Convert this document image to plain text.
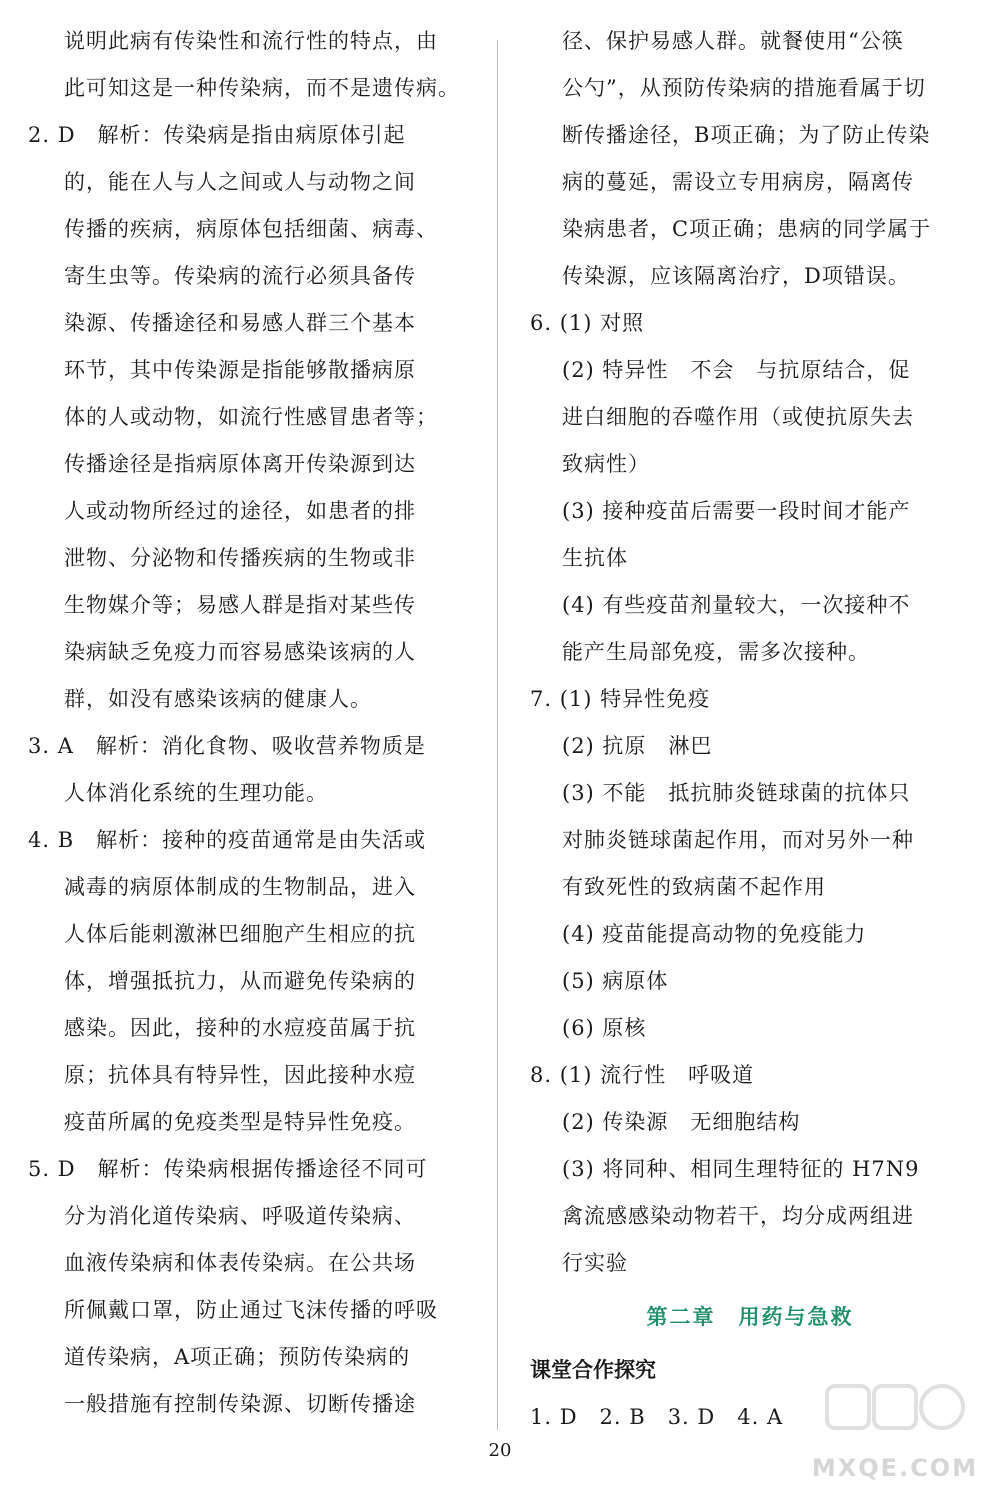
说明此病有传染性和流行性的特点，由
此可知这是一种传染病，而不是遗传病。
2. D　解析：传染病是指由病原体引起
的，能在人与人之间或人与动物之间
传播的疾病，病原体包括细菌、病毒、
寄生虫等。传染病的流行必须具备传
染源、传播途径和易感人群三个基本
环节，其中传染源是指能够散播病原
体的人或动物，如流行性感冒患者等；
传播途径是指病原体离开传染源到达
人或动物所经过的途径，如患者的排
泄物、分泌物和传播疾病的生物或非
生物媒介等；易感人群是指对某些传
染病缺乏免疫力而容易感染该病的人
群，如没有感染该病的健康人。
3. A　解析：消化食物、吸收营养物质是
人体消化系统的生理功能。
4. B　解析：接种的疫苗通常是由失活或
减毒的病原体制成的生物制品，进入
人体后能刺激淋巴细胞产生相应的抗
体，增强抵抗力，从而避免传染病的
感染。因此，接种的水痘疫苗属于抗
原；抗体具有特异性，因此接种水痘
疫苗所属的免疫类型是特异性免疫。
5. D　解析：传染病根据传播途径不同可
分为消化道传染病、呼吸道传染病、
血液传染病和体表传染病。在公共场
所佩戴口罩，防止通过飞沫传播的呼吸
道传染病，A项正确；预防传染病的
一般措施有控制传染源、切断传播途
径、保护易感人群。就餐使用“公筷
公勺”，从预防传染病的措施看属于切
断传播途径，B项正确；为了防止传染
病的蔓延，需设立专用病房，隔离传
染病患者，C项正确；患病的同学属于
传染源，应该隔离治疗，D项错误。
6. (1) 对照
(2) 特异性　不会　与抗原结合，促
进白细胞的吞噬作用（或使抗原失去
致病性）
(3) 接种疫苗后需要一段时间才能产
生抗体
(4) 有些疫苗剂量较大，一次接种不
能产生局部免疫，需多次接种。
7. (1) 特异性免疫
(2) 抗原　淋巴
(3) 不能　抵抗肺炎链球菌的抗体只
对肺炎链球菌起作用，而对另外一种
有致死性的致病菌不起作用
(4) 疫苗能提高动物的免疫能力
(5) 病原体
(6) 原核
8. (1) 流行性　呼吸道
(2) 传染源　无细胞结构
(3) 将同种、相同生理特征的 H7N9
禽流感感染动物若干，均分成两组进
行实验
第二章　用药与急救
课堂合作探究
1. D　2. B　3. D　4. A
20
MXQE.COM
